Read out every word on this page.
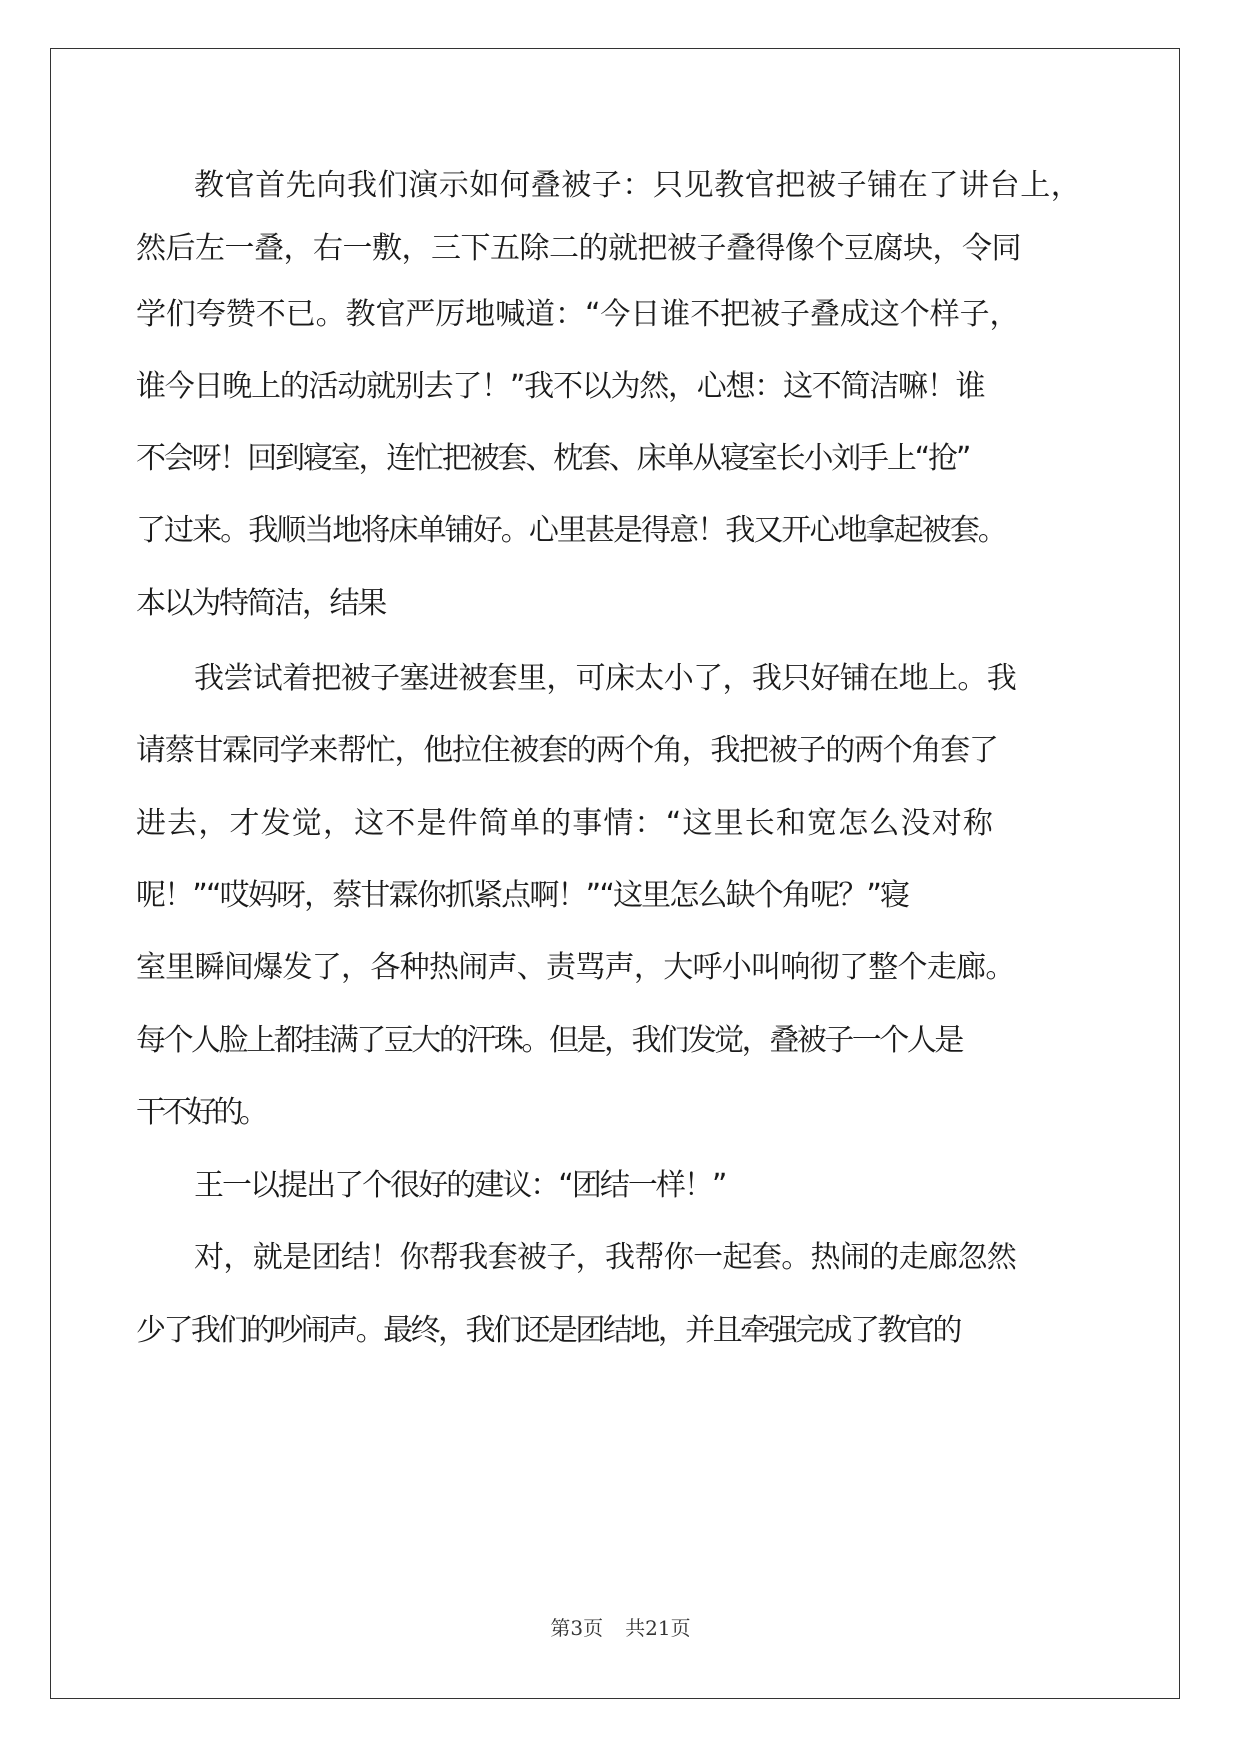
教官首先向我们演示如何叠被子：只见教官把被子铺在了讲台上，

然后左一叠，右一敷，三下五除二的就把被子叠得像个豆腐块，令同

学们夸赞不已。教官严厉地喊道：“今日谁不把被子叠成这个样子，

谁今日晚上的活动就别去了！”我不以为然，心想：这不简洁嘛！谁

不会呀！回到寝室，连忙把被套、枕套、床单从寝室长小刘手上“抢”

了过来。我顺当地将床单铺好。心里甚是得意！我又开心地拿起被套。

本以为特简洁，结果

我尝试着把被子塞进被套里，可床太小了，我只好铺在地上。我

请蔡甘霖同学来帮忙，他拉住被套的两个角，我把被子的两个角套了

进去，才发觉，这不是件简单的事情：“这里长和宽怎么没对称

呢！”“哎妈呀，蔡甘霖你抓紧点啊！”“这里怎么缺个角呢？”寝

室里瞬间爆发了，各种热闹声、责骂声，大呼小叫响彻了整个走廊。

每个人脸上都挂满了豆大的汗珠。但是，我们发觉，叠被子一个人是

干不好的。

王一以提出了个很好的建议：“团结一样！”

对，就是团结！你帮我套被子，我帮你一起套。热闹的走廊忽然

少了我们的吵闹声。最终，我们还是团结地，并且牵强完成了教官的

第3页 共21页
